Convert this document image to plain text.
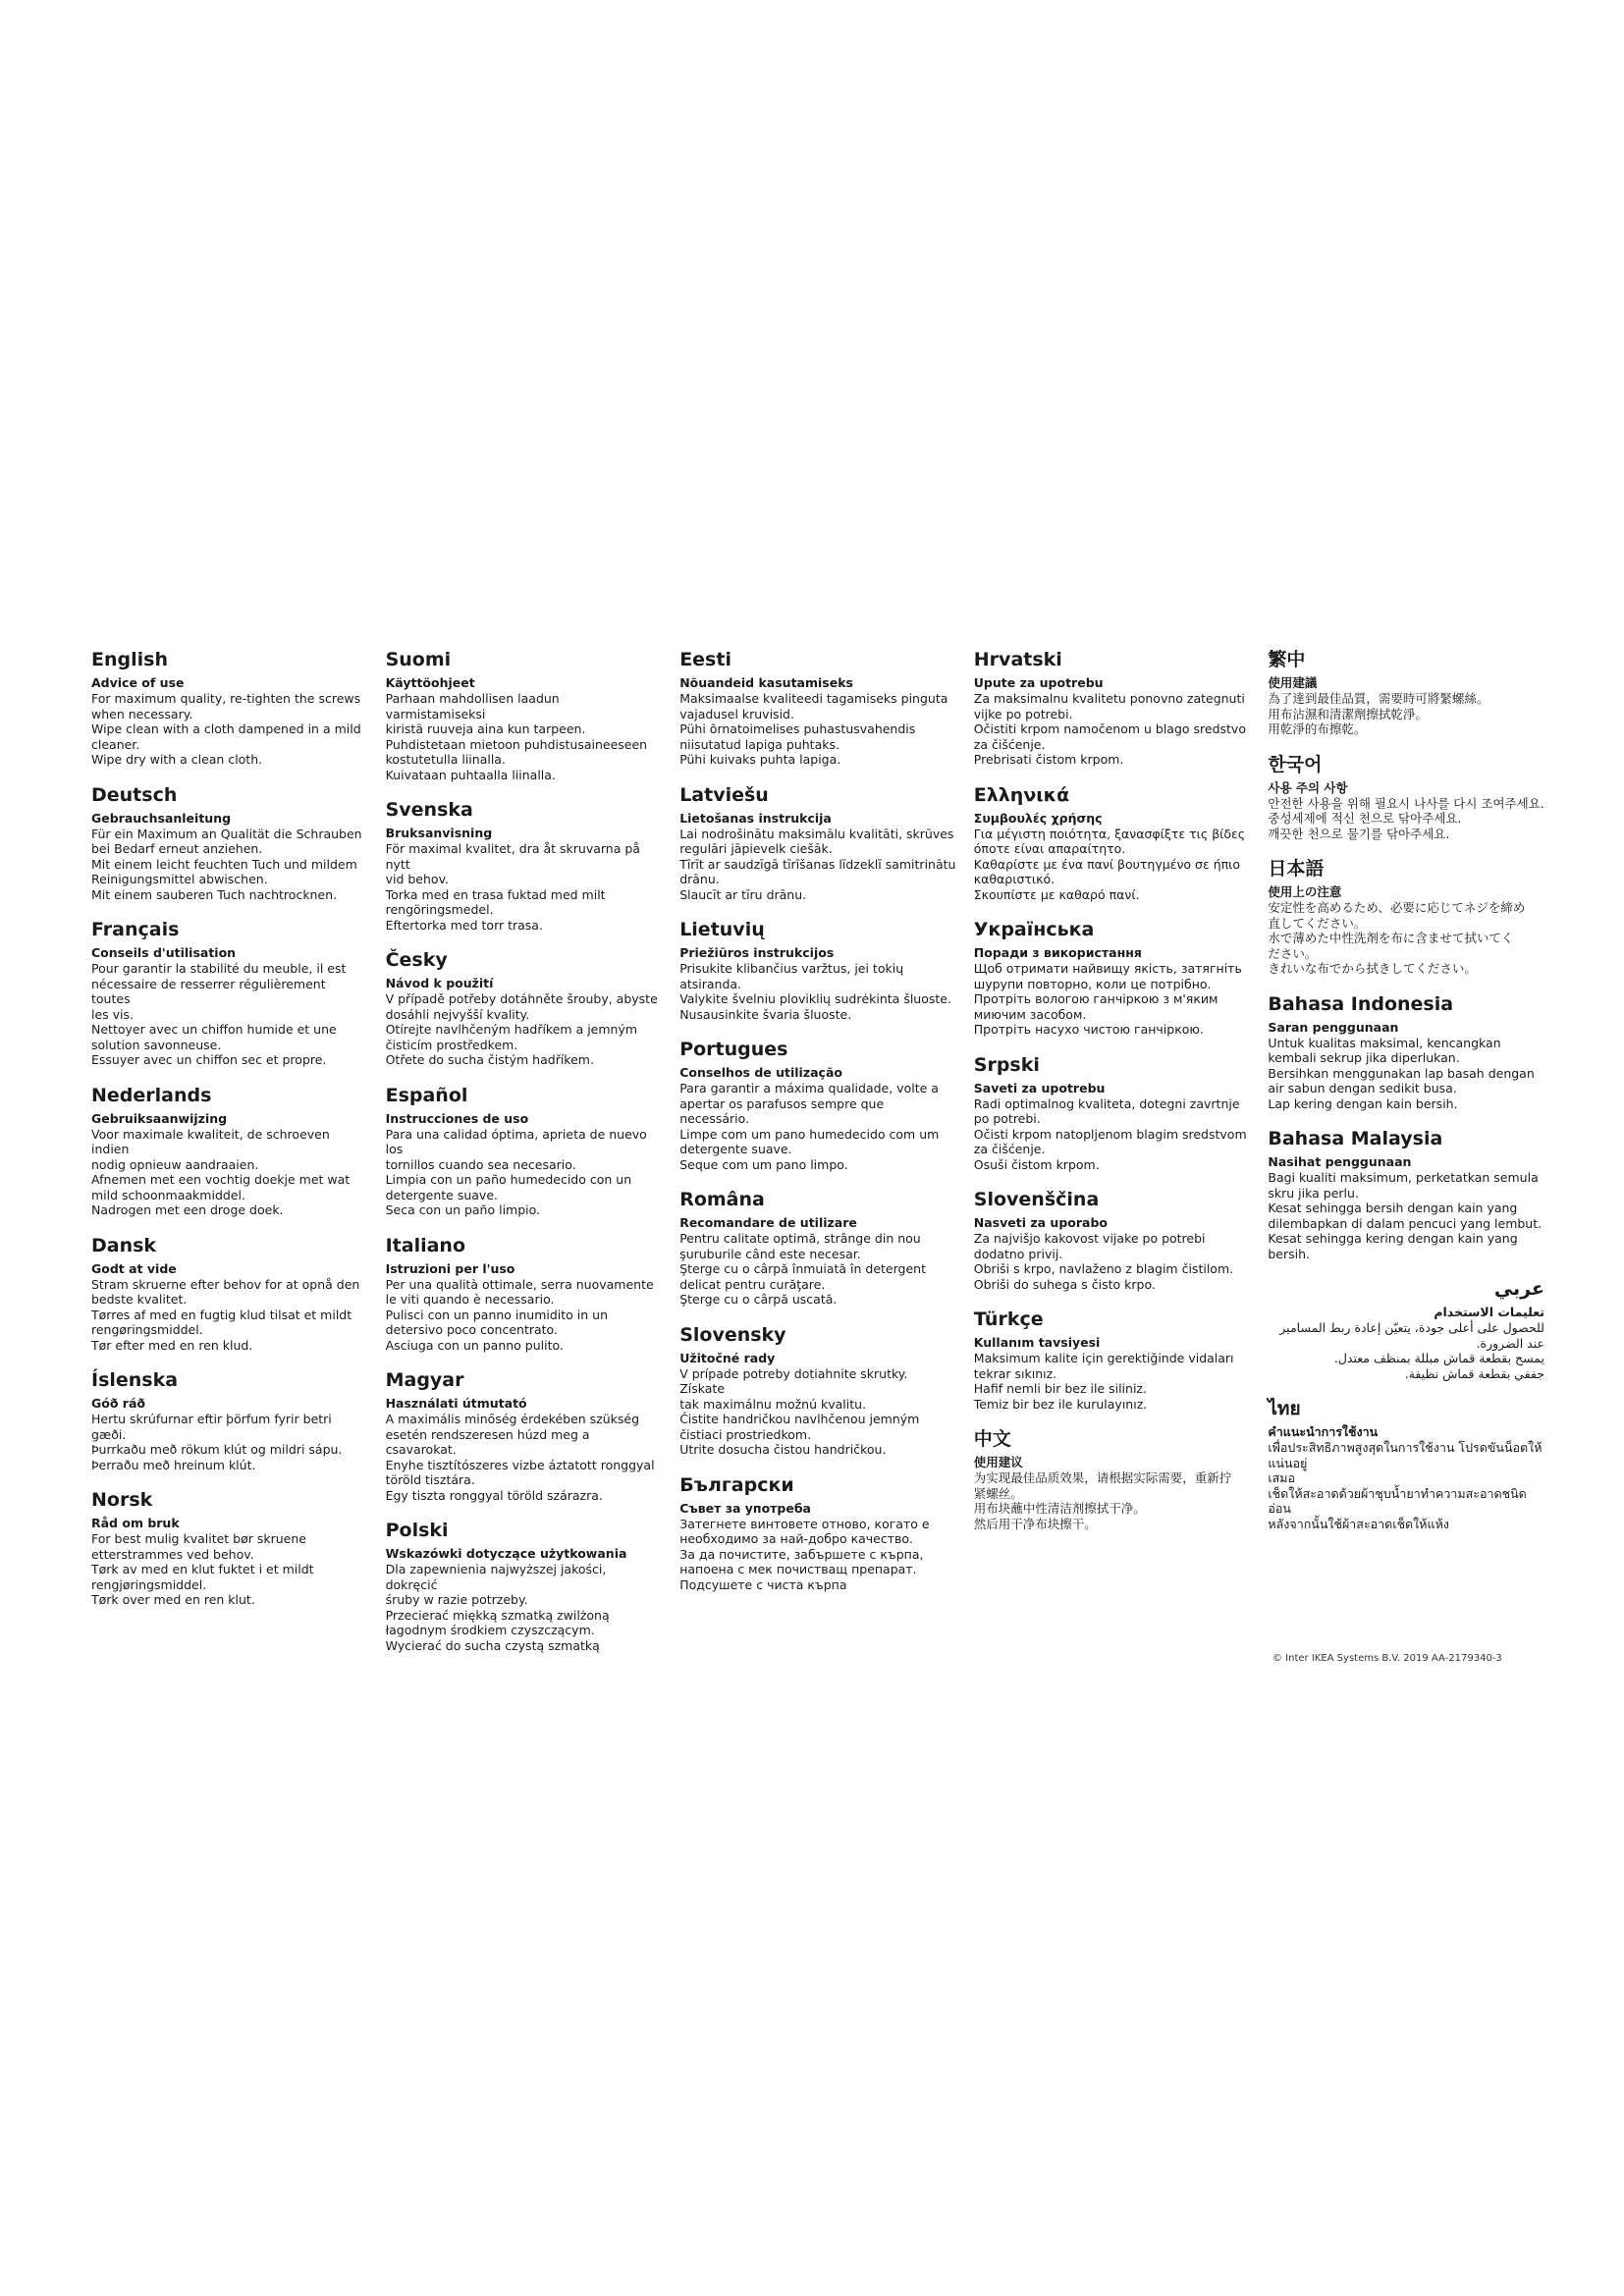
English
Advice of use
For maximum quality, re-tighten the screws
when necessary.
Wipe clean with a cloth dampened in a mild
cleaner.
Wipe dry with a clean cloth.
Deutsch
Gebrauchsanleitung
Für ein Maximum an Qualität die Schrauben
bei Bedarf erneut anziehen.
Mit einem leicht feuchten Tuch und mildem
Reinigungsmittel abwischen.
Mit einem sauberen Tuch nachtrocknen.
Français
Conseils d'utilisation
Pour garantir la stabilité du meuble, il est
nécessaire de resserrer régulièrement toutes
les vis.
Nettoyer avec un chiffon humide et une
solution savonneuse.
Essuyer avec un chiffon sec et propre.
Nederlands
Gebruiksaanwijzing
Voor maximale kwaliteit, de schroeven indien
nodig opnieuw aandraaien.
Afnemen met een vochtig doekje met wat
mild schoonmaakmiddel.
Nadrogen met een droge doek.
Dansk
Godt at vide
Stram skruerne efter behov for at opnå den
bedste kvalitet.
Tørres af med en fugtig klud tilsat et mildt
rengøringsmiddel.
Tør efter med en ren klud.
Íslenska
Góð ráð
Hertu skrúfurnar eftir þörfum fyrir betri gæði.
Þurrkaðu með rökum klút og mildri sápu.
Þerraðu með hreinum klút.
Norsk
Råd om bruk
For best mulig kvalitet bør skruene
etterstrammes ved behov.
Tørk av med en klut fuktet i et mildt
rengjøringsmiddel.
Tørk over med en ren klut.
Suomi
Käyttöohjeet
Parhaan mahdollisen laadun varmistamiseksi
kiristä ruuveja aina kun tarpeen.
Puhdistetaan mietoon puhdistusaineeseen
kostutetulla liinalla.
Kuivataan puhtaalla liinalla.
Svenska
Bruksanvisning
För maximal kvalitet, dra åt skruvarna på nytt
vid behov.
Torka med en trasa fuktad med milt
rengöringsmedel.
Eftertorka med torr trasa.
Česky
Návod k použití
V případě potřeby dotáhněte šrouby, abyste
dosáhli nejvyšší kvality.
Otírejte navlhčeným hadříkem a jemným
čisticím prostředkem.
Otřete do sucha čistým hadříkem.
Español
Instrucciones de uso
Para una calidad óptima, aprieta de nuevo los
tornillos cuando sea necesario.
Limpia con un paño humedecido con un
detergente suave.
Seca con un paño limpio.
Italiano
Istruzioni per l'uso
Per una qualità ottimale, serra nuovamente
le viti quando è necessario.
Pulisci con un panno inumidito in un
detersivo poco concentrato.
Asciuga con un panno pulito.
Magyar
Használati útmutató
A maximális minőség érdekében szükség
esetén rendszeresen húzd meg a csavarokat.
Enyhe tisztítószeres vizbe áztatott ronggyal
töröld tisztára.
Egy tiszta ronggyal töröld szárazra.
Polski
Wskazówki dotyczące użytkowania
Dla zapewnienia najwyższej jakości, dokręcić
śruby w razie potrzeby.
Przecierać miękką szmatką zwilżoną
łagodnym środkiem czyszczącym.
Wycierać do sucha czystą szmatką
Eesti
Nõuandeid kasutamiseks
Maksimaalse kvaliteedi tagamiseks pinguta
vajadusel kruvisid.
Pühi õrnatoimelises puhastusvahendis
niisutatud lapiga puhtaks.
Pühi kuivaks puhta lapiga.
Latviešu
Lietošanas instrukcija
Lai nodrošinātu maksimālu kvalitāti, skrūves
regulāri jāpievelk ciešāk.
Tīrīt ar saudzīgā tīrīšanas līdzeklī samitrinātu
drānu.
Slaucīt ar tīru drānu.
Lietuvių
Priežiūros instrukcijos
Prisukite klibančius varžtus, jei tokių
atsiranda.
Valykite švelniu ploviklių sudrėkinta šluoste.
Nusausinkite švaria šluoste.
Portugues
Conselhos de utilização
Para garantir a máxima qualidade, volte a
apertar os parafusos sempre que necessário.
Limpe com um pano humedecido com um
detergente suave.
Seque com um pano limpo.
Româna
Recomandare de utilizare
Pentru calitate optimă, strânge din nou
şuruburile când este necesar.
Şterge cu o cârpă înmuiată în detergent
delicat pentru curăţare.
Şterge cu o cârpă uscată.
Slovensky
Užitočné rady
V prípade potreby dotiahnite skrutky. Získate
tak maximálnu možnú kvalitu.
Čistite handričkou navlhčenou jemným
čistiaci prostriedkom.
Utrite dosucha čistou handričkou.
Български
Съвет за употреба
Затегнете винтовете отново, когато е
необходимо за най-добро качество.
За да почистите, забършете с кърпа,
напоена с мек почистващ препарат.
Подсушете с чиста кърпа
Hrvatski
Upute za upotrebu
Za maksimalnu kvalitetu ponovno zategnuti
vijke po potrebi.
Očistiti krpom namočenom u blago sredstvo
za čišćenje.
Prebrisati čistom krpom.
Ελληνικά
Συμβουλές χρήσης
Για μέγιστη ποιότητα, ξανασφίξτε τις βίδες
όποτε είναι απαραίτητο.
Καθαρίστε με ένα πανί βουτηγμένο σε ήπιο
καθαριστικό.
Σκουπίστε με καθαρό πανί.
Українська
Поради з використання
Щоб отримати найвищу якість, затягніть
шурупи повторно, коли це потрібно.
Протріть вологою ганчіркою з м'яким
миючим засобом.
Протріть насухо чистою ганчіркою.
Srpski
Saveti za upotrebu
Radi optimalnog kvaliteta, dotegni zavrtnje
po potrebi.
Očisti krpom natopljenom blagim sredstvom
za čišćenje.
Osuši čistom krpom.
Slovenščina
Nasveti za uporabo
Za najvišjo kakovost vijake po potrebi
dodatno privij.
Obriši s krpo, navlaženo z blagim čistilom.
Obriši do suhega s čisto krpo.
Türkçe
Kullanım tavsiyesi
Maksimum kalite için gerektiğinde vidaları
tekrar sıkınız.
Hafif nemli bir bez ile siliniz.
Temiz bir bez ile kurulayınız.
中文
使用建议
为实现最佳品质效果，请根据实际需要，重新拧
紧螺丝。
用布块蘸中性清洁剂擦拭干净。
然后用干净布块擦干。
繁中
使用建議
為了達到最佳品質，需要時可將緊螺絲。
用布沾濕和清潔劑擦拭乾淨。
用乾淨的布擦乾。
한국어
사용 주의 사항
안전한 사용을 위해 필요시 나사를 다시 조여주세요.
중성세제에 적신 천으로 닦아주세요.
깨끗한 천으로 물기를 닦아주세요.
日本語
使用上の注意
安定性を高めるため、必要に応じてネジを締め
直してください。
水で薄めた中性洗剤を布に含ませて拭いてく
ださい。
きれいな布でから拭きしてください。
Bahasa Indonesia
Saran penggunaan
Untuk kualitas maksimal, kencangkan
kembali sekrup jika diperlukan.
Bersihkan menggunakan lap basah dengan
air sabun dengan sedikit busa.
Lap kering dengan kain bersih.
Bahasa Malaysia
Nasihat penggunaan
Bagi kualiti maksimum, perketatkan semula
skru jika perlu.
Kesat sehingga bersih dengan kain yang
dilembapkan di dalam pencuci yang lembut.
Kesat sehingga kering dengan kain yang
bersih.
عربي
تعليمات الاستخدام
للحصول على أعلى جودة، يتعيّن إعادة ربط المسامير
عند الضرورة.
يمسح بقطعة قماش مبللة بمنظف معتدل.
جففي بقطعة قماش نظيفة.
ไทย
คำแนะนำการใช้งาน
เพื่อประสิทธิภาพสูงสุดในการใช้งาน โปรดขันน็อตให้แน่นอยู่
เสมอ
เช็ดให้สะอาดด้วยผ้าชุบน้ำยาทำความสะอาดชนิดอ่อน
หลังจากนั้นใช้ผ้าสะอาดเช็ดให้แห้ง
© Inter IKEA Systems B.V. 2019 AA-2179340-3
